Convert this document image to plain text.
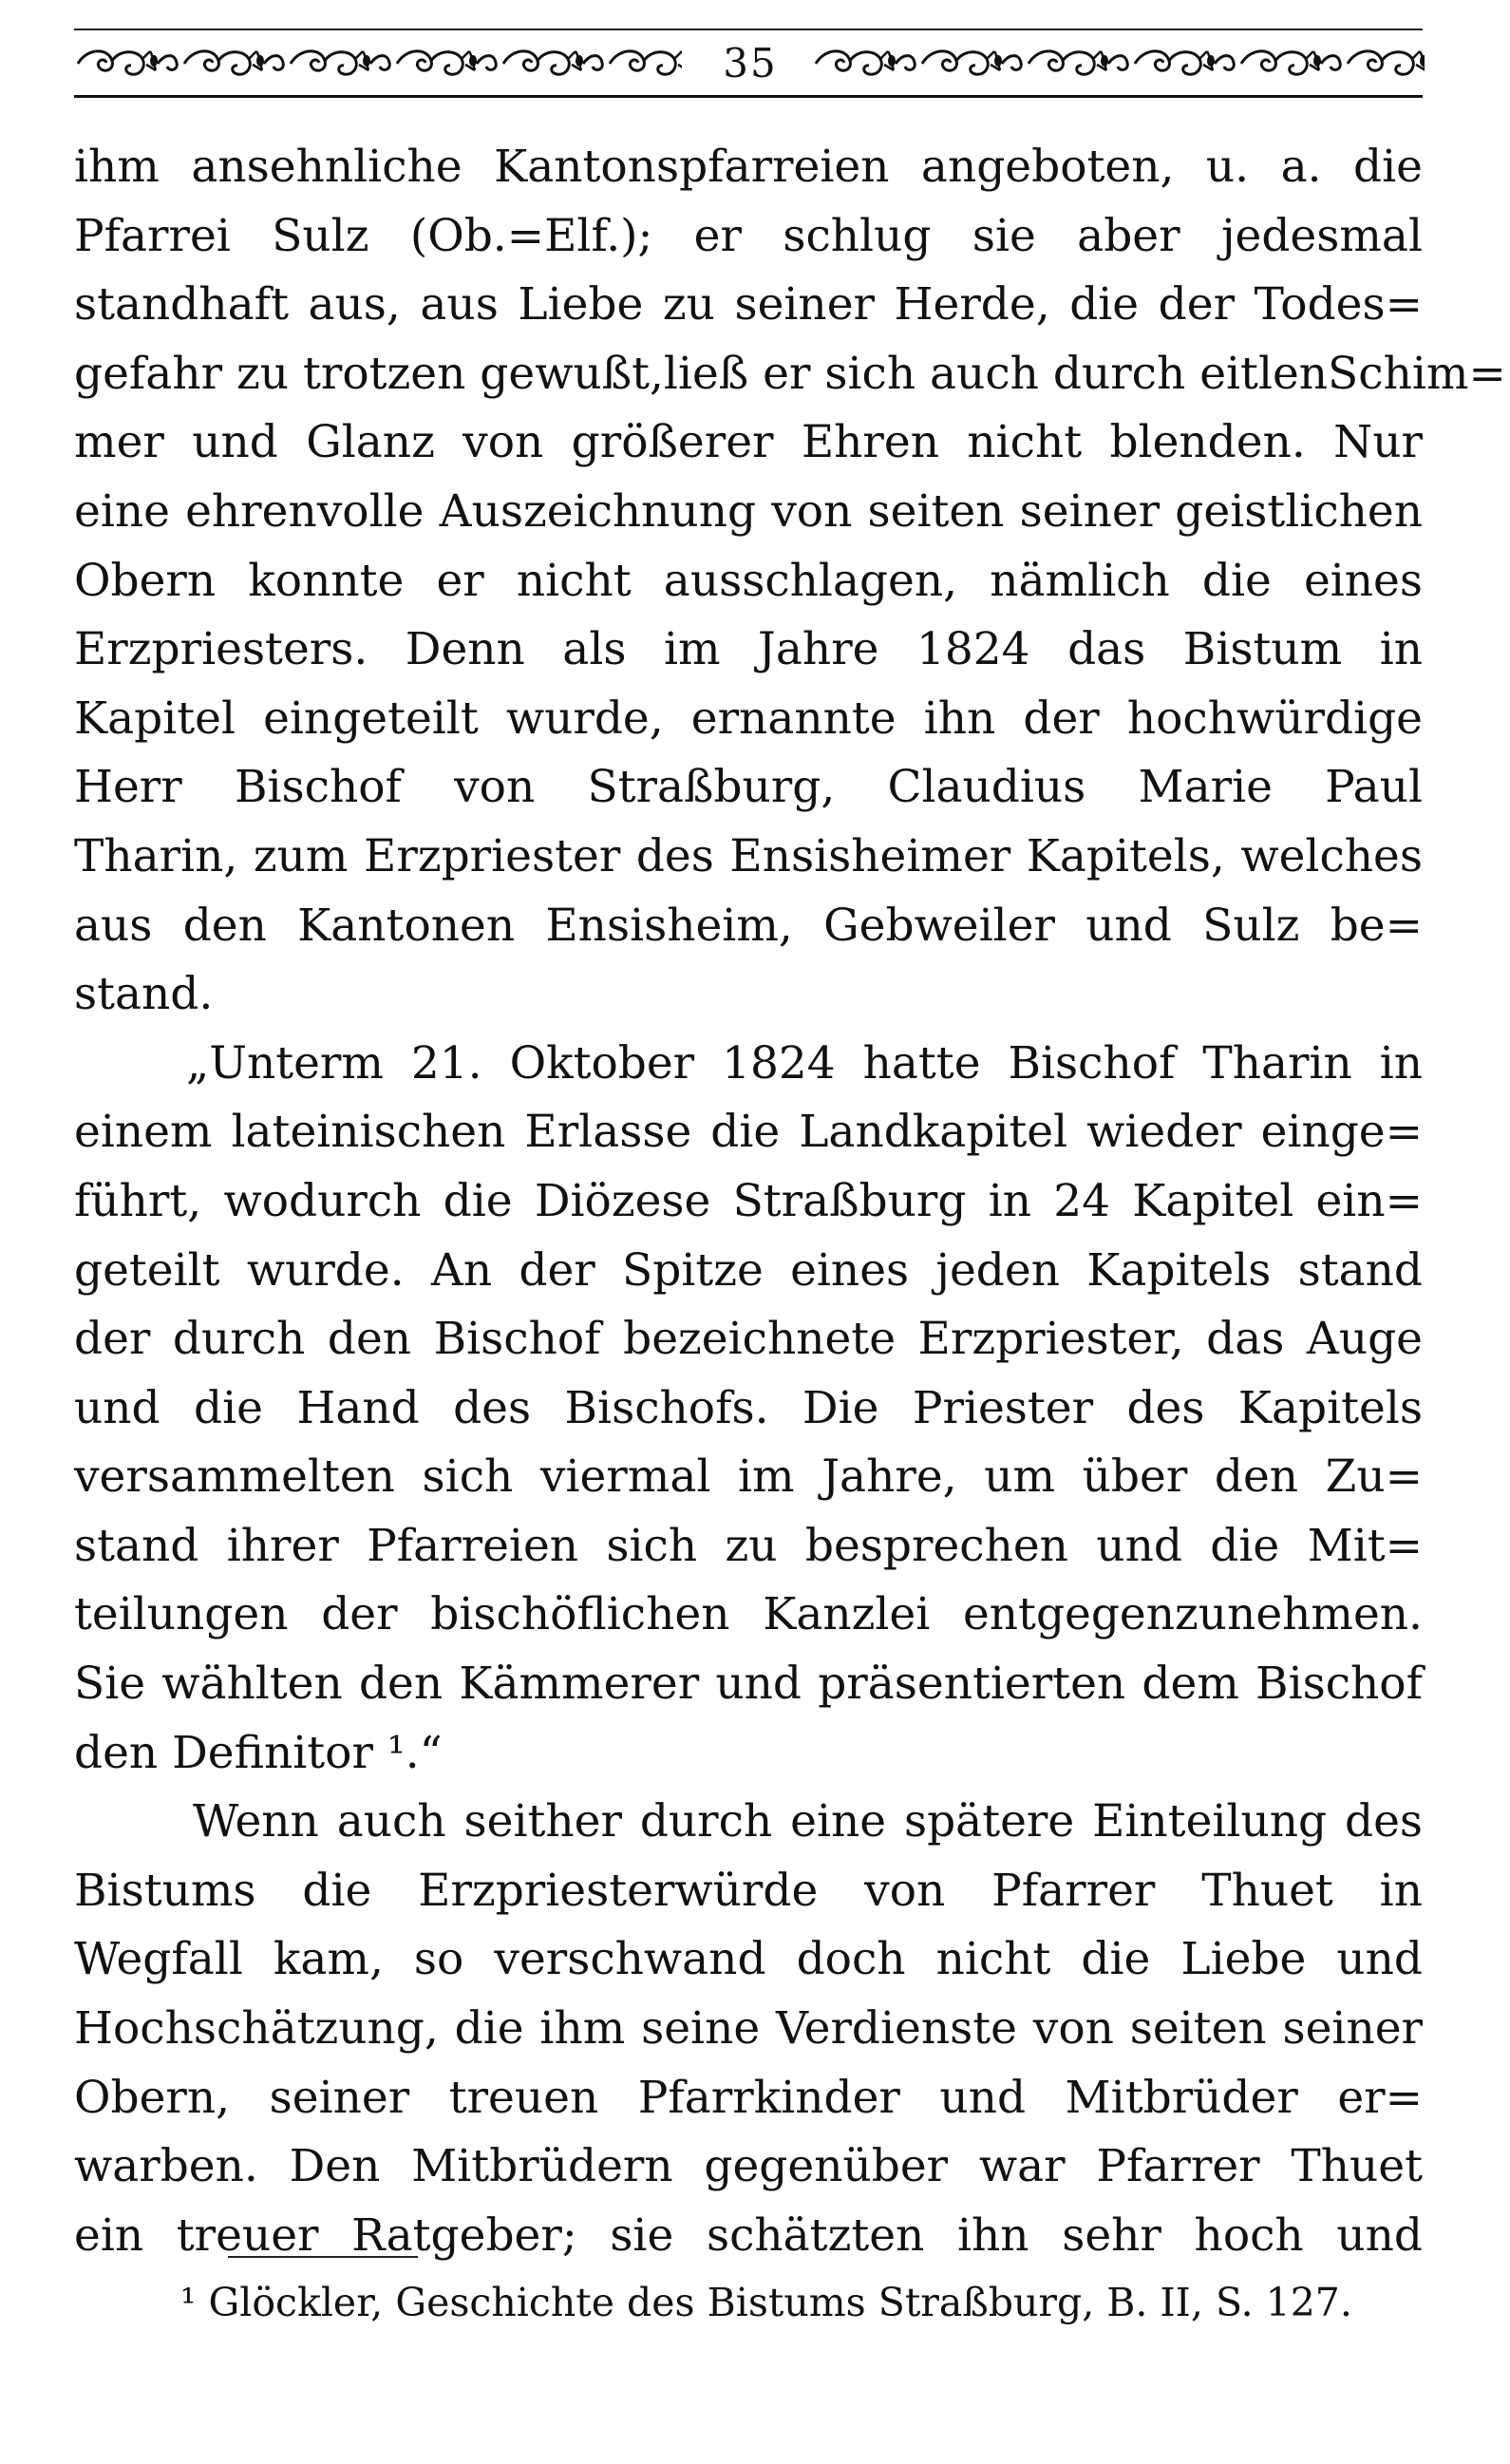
35
ihm ansehnliche Kantonspfarreien angeboten, u. a. die
Pfarrei Sulz (Ob.=Elf.); er schlug sie aber jedesmal
standhaft aus, aus Liebe zu seiner Herde, die der Todes=
gefahr zu trotzen gewußt,ließ er sich auch durch eitlenSchim=
mer und Glanz von größerer Ehren nicht blenden. Nur
eine ehrenvolle Auszeichnung von seiten seiner geistlichen
Obern konnte er nicht ausschlagen, nämlich die eines
Erzpriesters. Denn als im Jahre 1824 das Bistum in
Kapitel eingeteilt wurde, ernannte ihn der hochwürdige
Herr Bischof von Straßburg, Claudius Marie Paul
Tharin, zum Erzpriester des Ensisheimer Kapitels, welches
aus den Kantonen Ensisheim, Gebweiler und Sulz be=
stand.
„Unterm 21. Oktober 1824 hatte Bischof Tharin in
einem lateinischen Erlasse die Landkapitel wieder einge=
führt, wodurch die Diözese Straßburg in 24 Kapitel ein=
geteilt wurde. An der Spitze eines jeden Kapitels stand
der durch den Bischof bezeichnete Erzpriester, das Auge
und die Hand des Bischofs. Die Priester des Kapitels
versammelten sich viermal im Jahre, um über den Zu=
stand ihrer Pfarreien sich zu besprechen und die Mit=
teilungen der bischöflichen Kanzlei entgegenzunehmen.
Sie wählten den Kämmerer und präsentierten dem Bischof
den Definitor ¹.“
Wenn auch seither durch eine spätere Einteilung des
Bistums die Erzpriesterwürde von Pfarrer Thuet in
Wegfall kam, so verschwand doch nicht die Liebe und
Hochschätzung, die ihm seine Verdienste von seiten seiner
Obern, seiner treuen Pfarrkinder und Mitbrüder er=
warben. Den Mitbrüdern gegenüber war Pfarrer Thuet
ein treuer Ratgeber; sie schätzten ihn sehr hoch und
¹ Glöckler, Geschichte des Bistums Straßburg, B. II, S. 127.
